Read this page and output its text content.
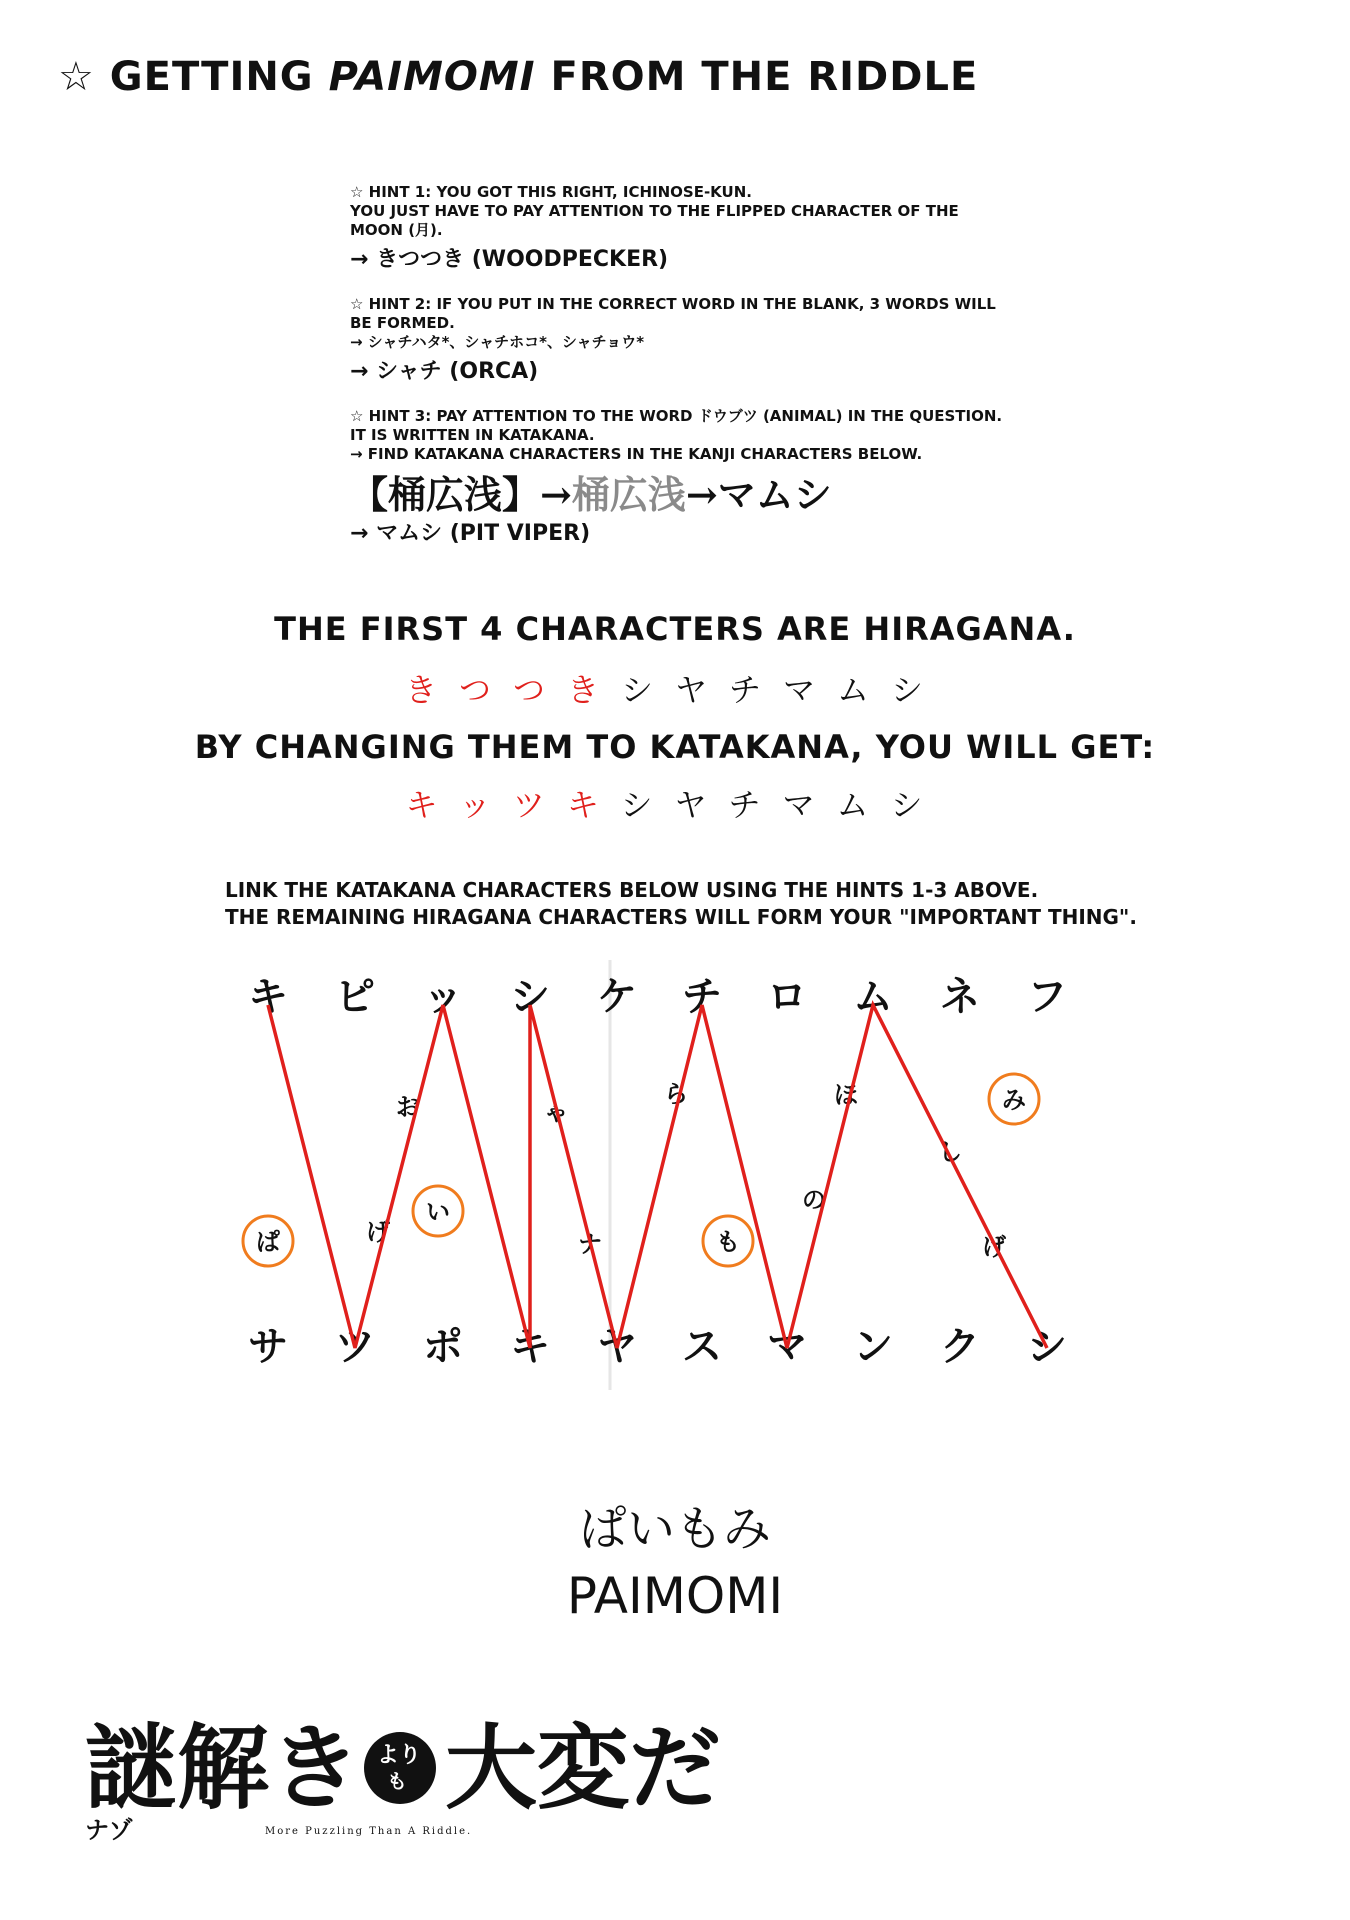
☆ GETTING PAIMOMI FROM THE RIDDLE
☆ HINT 1: YOU GOT THIS RIGHT, ICHINOSE-KUN.
YOU JUST HAVE TO PAY ATTENTION TO THE FLIPPED CHARACTER OF THE
MOON (月).
→ きつつき (WOODPECKER)
☆ HINT 2: IF YOU PUT IN THE CORRECT WORD IN THE BLANK, 3 WORDS WILL
BE FORMED.
→ シャチハタ*、シャチホコ*、シャチョウ*
→ シャチ (ORCA)
☆ HINT 3: PAY ATTENTION TO THE WORD ドウブツ (ANIMAL) IN THE QUESTION.
IT IS WRITTEN IN KATAKANA.
→ FIND KATAKANA CHARACTERS IN THE KANJI CHARACTERS BELOW.
【桶広浅】→桶広浅→マムシ
→ マムシ (PIT VIPER)
THE FIRST 4 CHARACTERS ARE HIRAGANA.
きつつきシヤチマムシ
BY CHANGING THEM TO KATAKANA, YOU WILL GET:
キッツキシヤチマムシ
LINK THE KATAKANA CHARACTERS BELOW USING THE HINTS 1-3 ABOVE.
THE REMAINING HIRAGANA CHARACTERS WILL FORM YOUR "IMPORTANT THING".
キ ピ ッ シ ケ チ ロ ム ネ フ
サ ツ ポ キ ヤ ス マ ン ク シ
お	ゃ
ら	ほ	み
し
の
ぱ	げ
い
ナ	も	げ
ぱいもみ
PAIMOMI
謎解き より
も 大変だ
ナゾ	More Puzzling Than A Riddle.
